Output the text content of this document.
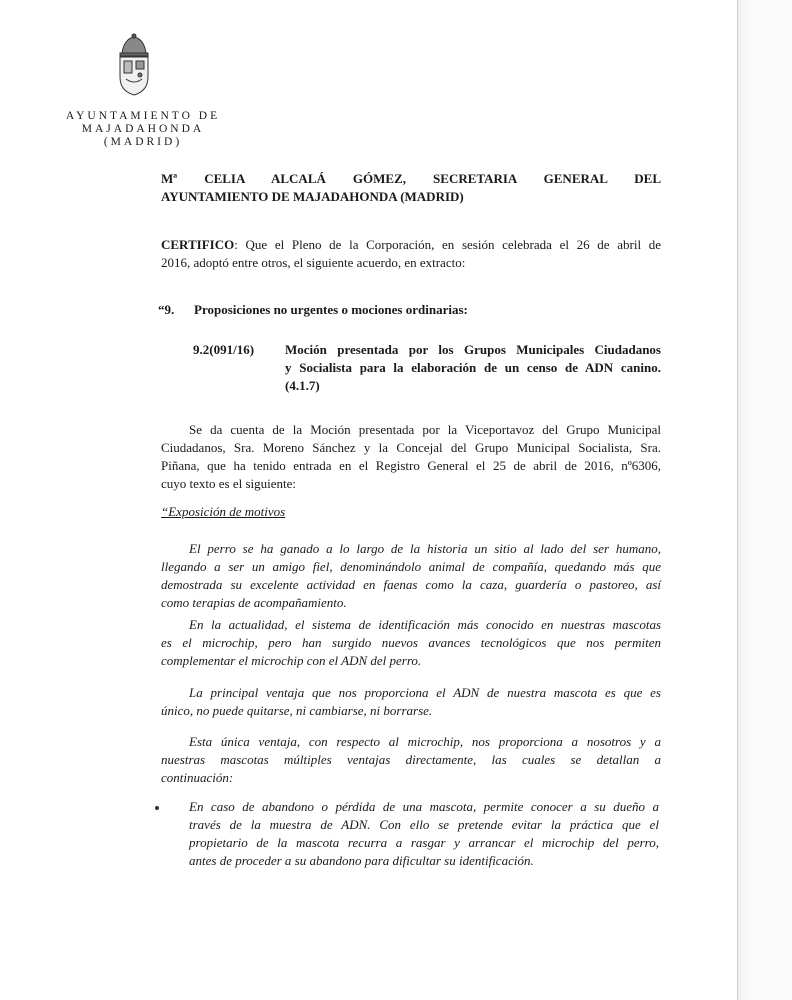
AYUNTAMIENTO DE
MAJADAHONDA
(MADRID)
Mª CELIA ALCALÁ GÓMEZ, SECRETARIA GENERAL DEL
AYUNTAMIENTO DE MAJADAHONDA (MADRID)
CERTIFICO: Que el Pleno de la Corporación, en sesión celebrada el 26 de abril de
2016, adoptó entre otros, el siguiente acuerdo, en extracto:
“9. Proposiciones no urgentes o mociones ordinarias:
9.2(091/16) Moción presentada por los Grupos Municipales Ciudadanos
y Socialista para la elaboración de un censo de ADN canino.
(4.1.7)
Se da cuenta de la Moción presentada por la Viceportavoz del Grupo Municipal
Ciudadanos, Sra. Moreno Sánchez y la Concejal del Grupo Municipal Socialista, Sra.
Piñana, que ha tenido entrada en el Registro General el 25 de abril de 2016, nº6306,
cuyo texto es el siguiente:
“Exposición de motivos
El perro se ha ganado a lo largo de la historia un sitio al lado del ser humano,
llegando a ser un amigo fiel, denominándolo animal de compañía, quedando más que
demostrada su excelente actividad en faenas como la caza, guardería o pastoreo, así
como terapias de acompañamiento.
En la actualidad, el sistema de identificación más conocido en nuestras mascotas
es el microchip, pero han surgido nuevos avances tecnológicos que nos permiten
complementar el microchip con el ADN del perro.
La principal ventaja que nos proporciona el ADN de nuestra mascota es que es
único, no puede quitarse, ni cambiarse, ni borrarse.
Esta única ventaja, con respecto al microchip, nos proporciona a nosotros y a
nuestras mascotas múltiples ventajas directamente, las cuales se detallan a
continuación:
En caso de abandono o pérdida de una mascota, permite conocer a su dueño a
través de la muestra de ADN. Con ello se pretende evitar la práctica que el
propietario de la mascota recurra a rasgar y arrancar el microchip del perro,
antes de proceder a su abandono para dificultar su identificación.
